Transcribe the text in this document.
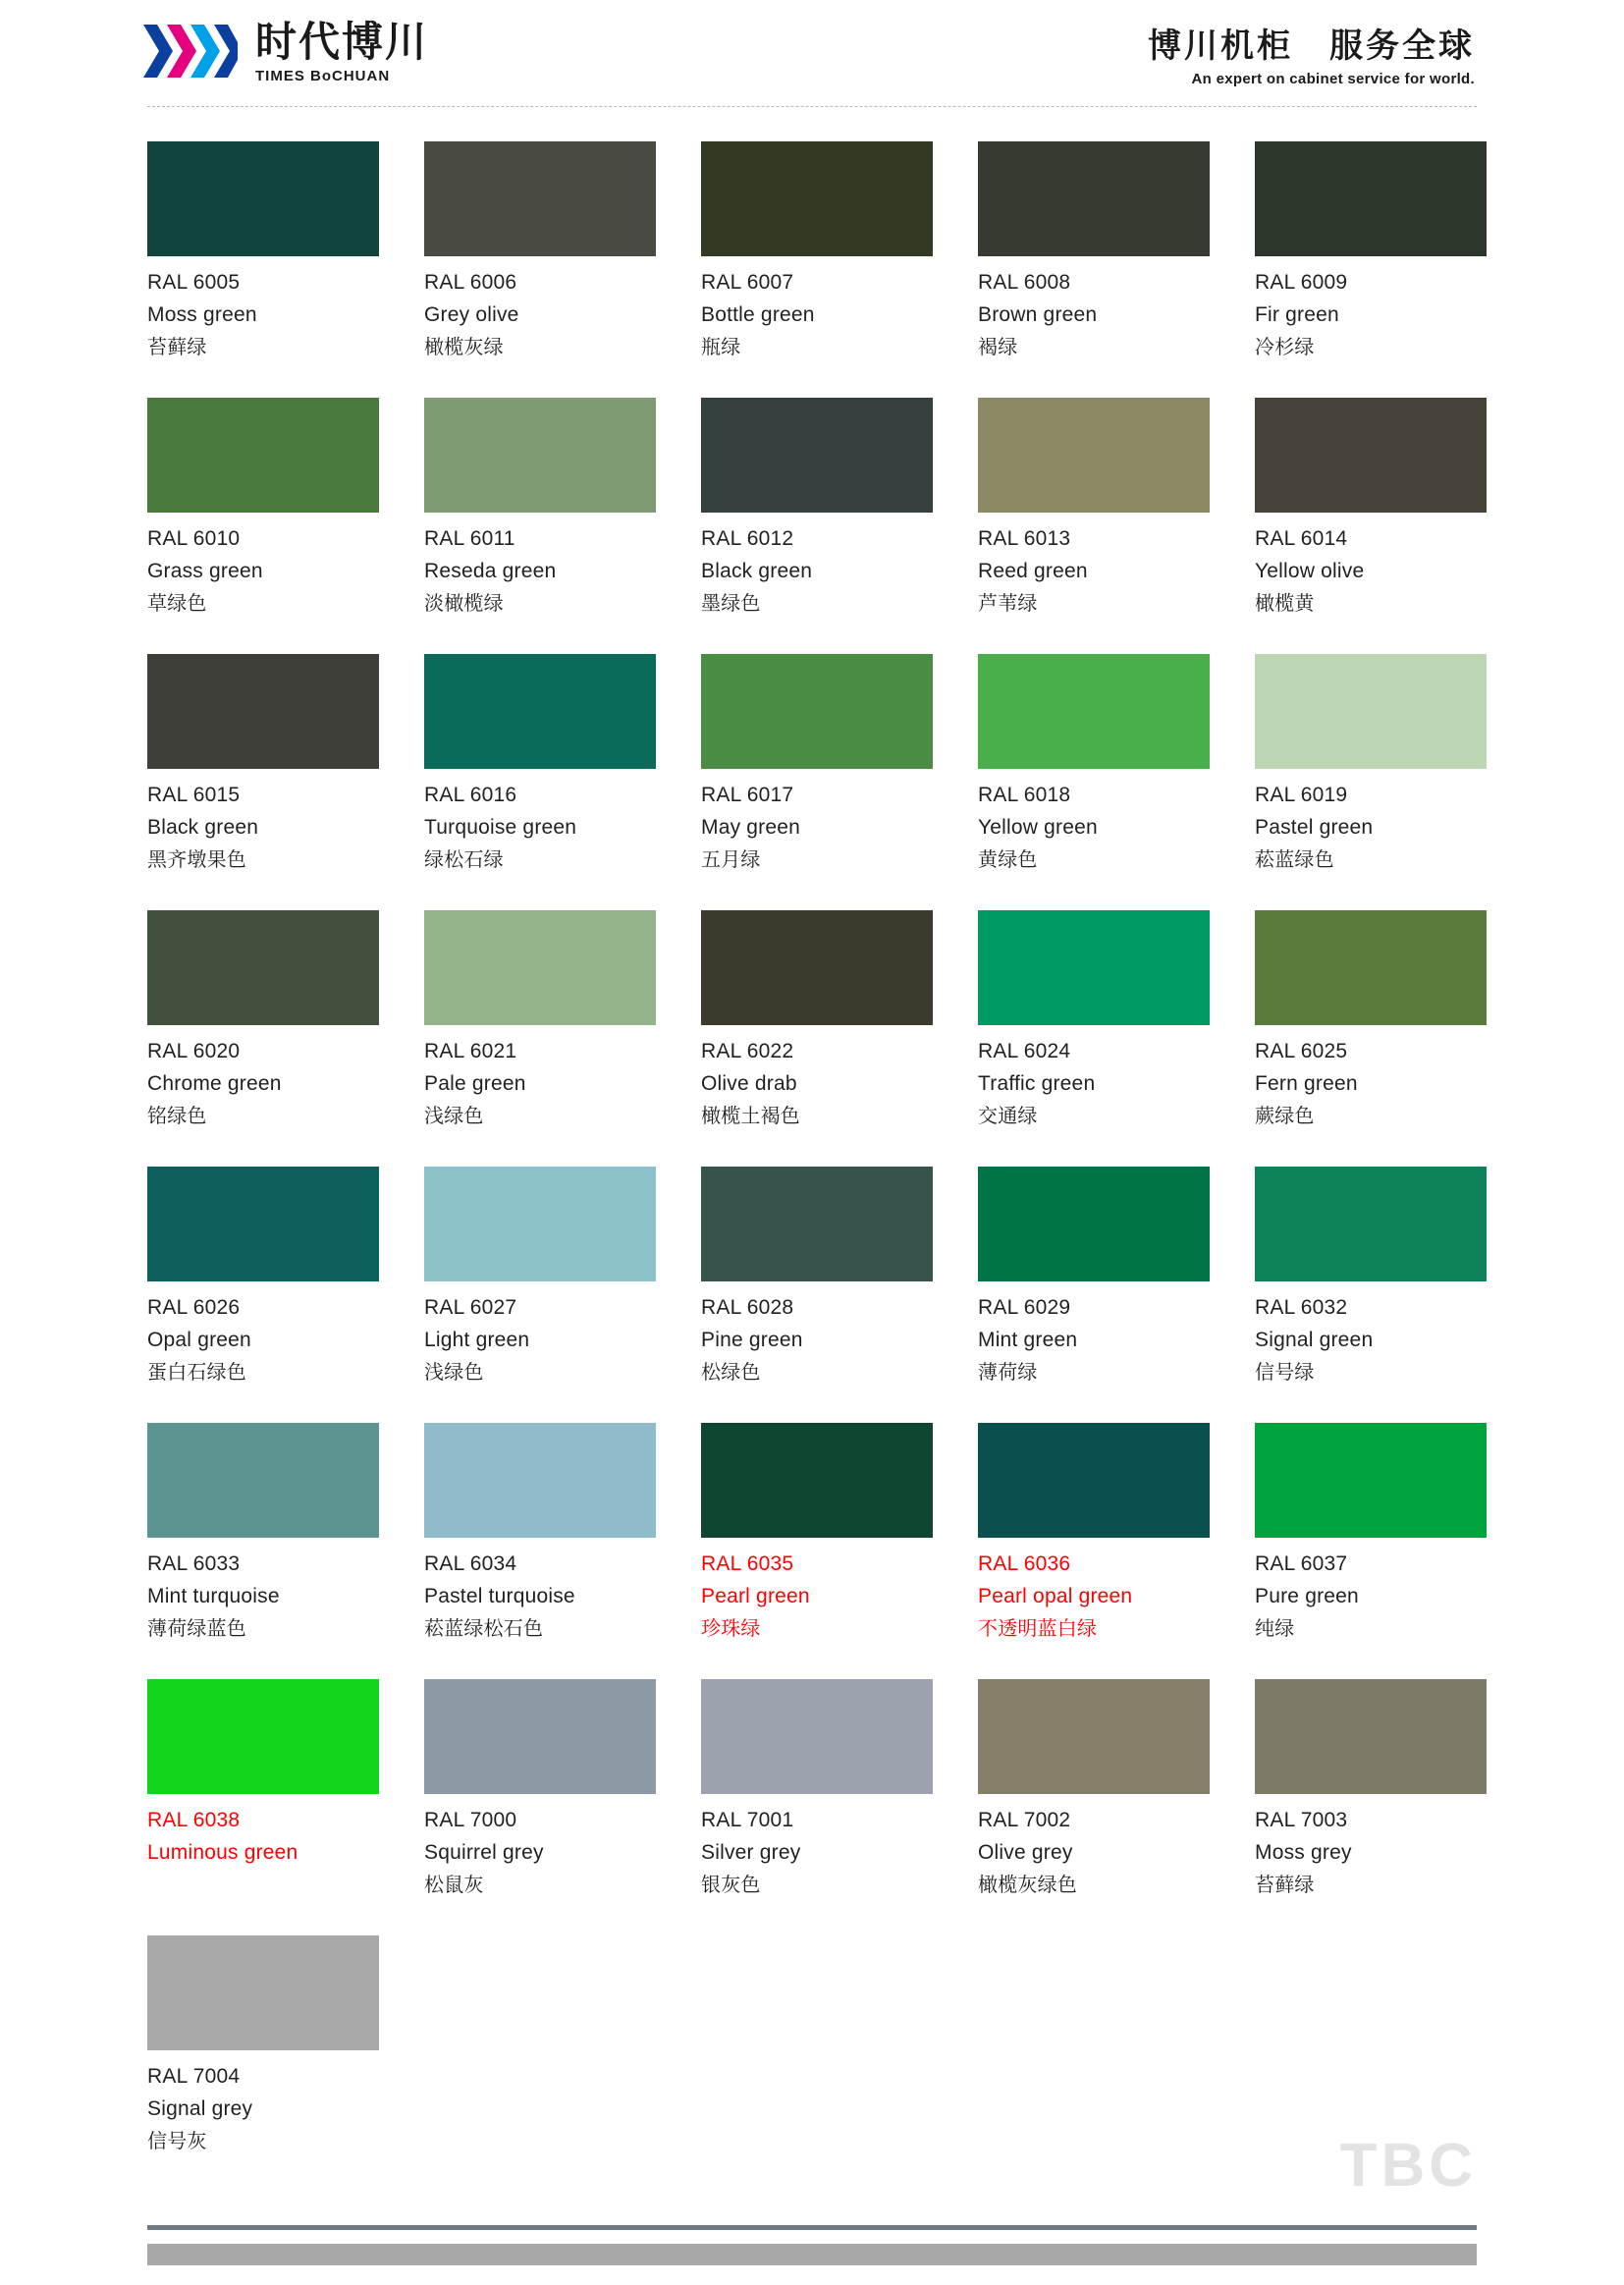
时代博川
TIMES BoCHUAN
博川机柜　服务全球
An expert on cabinet service for world.
RAL 6005
Moss green
苔藓绿
RAL 6006
Grey olive
橄榄灰绿
RAL 6007
Bottle green
瓶绿
RAL 6008
Brown green
褐绿
RAL 6009
Fir green
冷杉绿
RAL 6010
Grass green
草绿色
RAL 6011
Reseda green
淡橄榄绿
RAL 6012
Black green
墨绿色
RAL 6013
Reed green
芦苇绿
RAL 6014
Yellow olive
橄榄黄
RAL 6015
Black green
黑齐墩果色
RAL 6016
Turquoise green
绿松石绿
RAL 6017
May green
五月绿
RAL 6018
Yellow green
黄绿色
RAL 6019
Pastel green
菘蓝绿色
RAL 6020
Chrome green
铭绿色
RAL 6021
Pale green
浅绿色
RAL 6022
Olive drab
橄榄土褐色
RAL 6024
Traffic green
交通绿
RAL 6025
Fern green
蕨绿色
RAL 6026
Opal green
蛋白石绿色
RAL 6027
Light green
浅绿色
RAL 6028
Pine green
松绿色
RAL 6029
Mint green
薄荷绿
RAL 6032
Signal green
信号绿
RAL 6033
Mint turquoise
薄荷绿蓝色
RAL 6034
Pastel turquoise
菘蓝绿松石色
RAL 6035
Pearl green
珍珠绿
RAL 6036
Pearl opal green
不透明蓝白绿
RAL 6037
Pure green
纯绿
RAL 6038
Luminous green
RAL 7000
Squirrel grey
松鼠灰
RAL 7001
Silver grey
银灰色
RAL 7002
Olive grey
橄榄灰绿色
RAL 7003
Moss grey
苔藓绿
RAL 7004
Signal grey
信号灰	TBC
